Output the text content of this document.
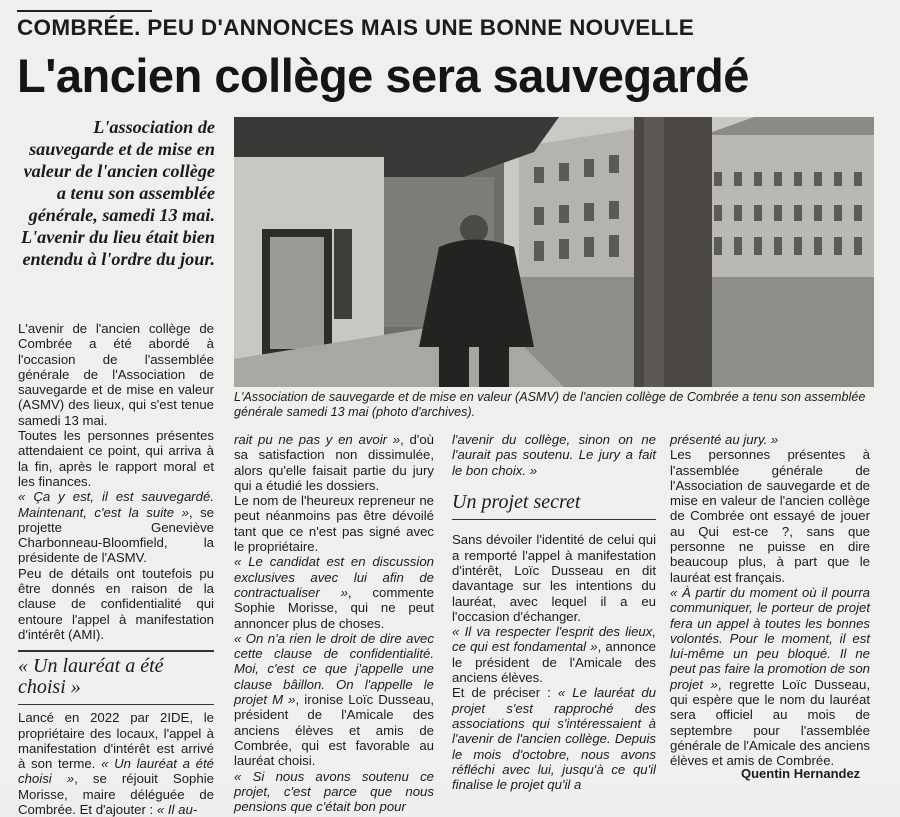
COMBRÉE. PEU D'ANNONCES MAIS UNE BONNE NOUVELLE
L'ancien collège sera sauvegardé
L'association de sauvegarde et de mise en valeur de l'ancien collège a tenu son assemblée générale, samedi 13 mai. L'avenir du lieu était bien entendu à l'ordre du jour.
L'Association de sauvegarde et de mise en valeur (ASMV) de l'ancien collège de Combrée a tenu son assemblée générale samedi 13 mai (photo d'archives).

L'avenir de l'ancien collège de Combrée a été abordé à l'occasion de l'assemblée générale de l'Association de sauvegarde et de mise en valeur (ASMV) des lieux, qui s'est tenue samedi 13 mai.

Toutes les personnes présentes attendaient ce point, qui arriva à la fin, après le rapport moral et les finances.

« Ça y est, il est sauvegardé. Maintenant, c'est la suite », se projette Geneviève Charbonneau-Bloomfield, la présidente de l'ASMV.

Peu de détails ont toutefois pu être donnés en raison de la clause de confidentialité qui entoure l'appel à manifestation d'intérêt (AMI).

« Un lauréat a été choisi »

Lancé en 2022 par 2IDE, le propriétaire des locaux, l'appel à manifestation d'intérêt est arrivé à son terme. « Un lauréat a été choisi », se réjouit Sophie Morisse, maire déléguée de Combrée. Et d'ajouter : « Il au-

rait pu ne pas y en avoir », d'où sa satisfaction non dissimulée, alors qu'elle faisait partie du jury qui a étudié les dossiers.

Le nom de l'heureux repreneur ne peut néanmoins pas être dévoilé tant que ce n'est pas signé avec le propriétaire.

« Le candidat est en discussion exclusives avec lui afin de contractualiser », commente Sophie Morisse, qui ne peut annoncer plus de choses.

« On n'a rien le droit de dire avec cette clause de confidentialité. Moi, c'est ce que j'appelle une clause bâillon. On l'appelle le projet M », ironise Loïc Dusseau, président de l'Amicale des anciens élèves et amis de Combrée, qui est favorable au lauréat choisi.

« Si nous avons soutenu ce projet, c'est parce que nous pensions que c'était bon pour

l'avenir du collège, sinon on ne l'aurait pas soutenu. Le jury a fait le bon choix. »

Un projet secret

Sans dévoiler l'identité de celui qui a remporté l'appel à manifestation d'intérêt, Loïc Dusseau en dit davantage sur les intentions du lauréat, avec lequel il a eu l'occasion d'échanger.

« Il va respecter l'esprit des lieux, ce qui est fondamental », annonce le président de l'Amicale des anciens élèves.

Et de préciser : « Le lauréat du projet s'est rapproché des associations qui s'intéressaient à l'avenir de l'ancien collège. Depuis le mois d'octobre, nous avons réfléchi avec lui, jusqu'à ce qu'il finalise le projet qu'il a

présenté au jury. »

Les personnes présentes à l'assemblée générale de l'Association de sauvegarde et de mise en valeur de l'ancien collège de Combrée ont essayé de jouer au Qui est-ce ?, sans que personne ne puisse en dire beaucoup plus, à part que le lauréat est français.

« À partir du moment où il pourra communiquer, le porteur de projet fera un appel à toutes les bonnes volontés. Pour le moment, il est lui-même un peu bloqué. Il ne peut pas faire la promotion de son projet », regrette Loïc Dusseau, qui espère que le nom du lauréat sera officiel au mois de septembre pour l'assemblée générale de l'Amicale des anciens élèves et amis de Combrée.

Quentin Hernandez
